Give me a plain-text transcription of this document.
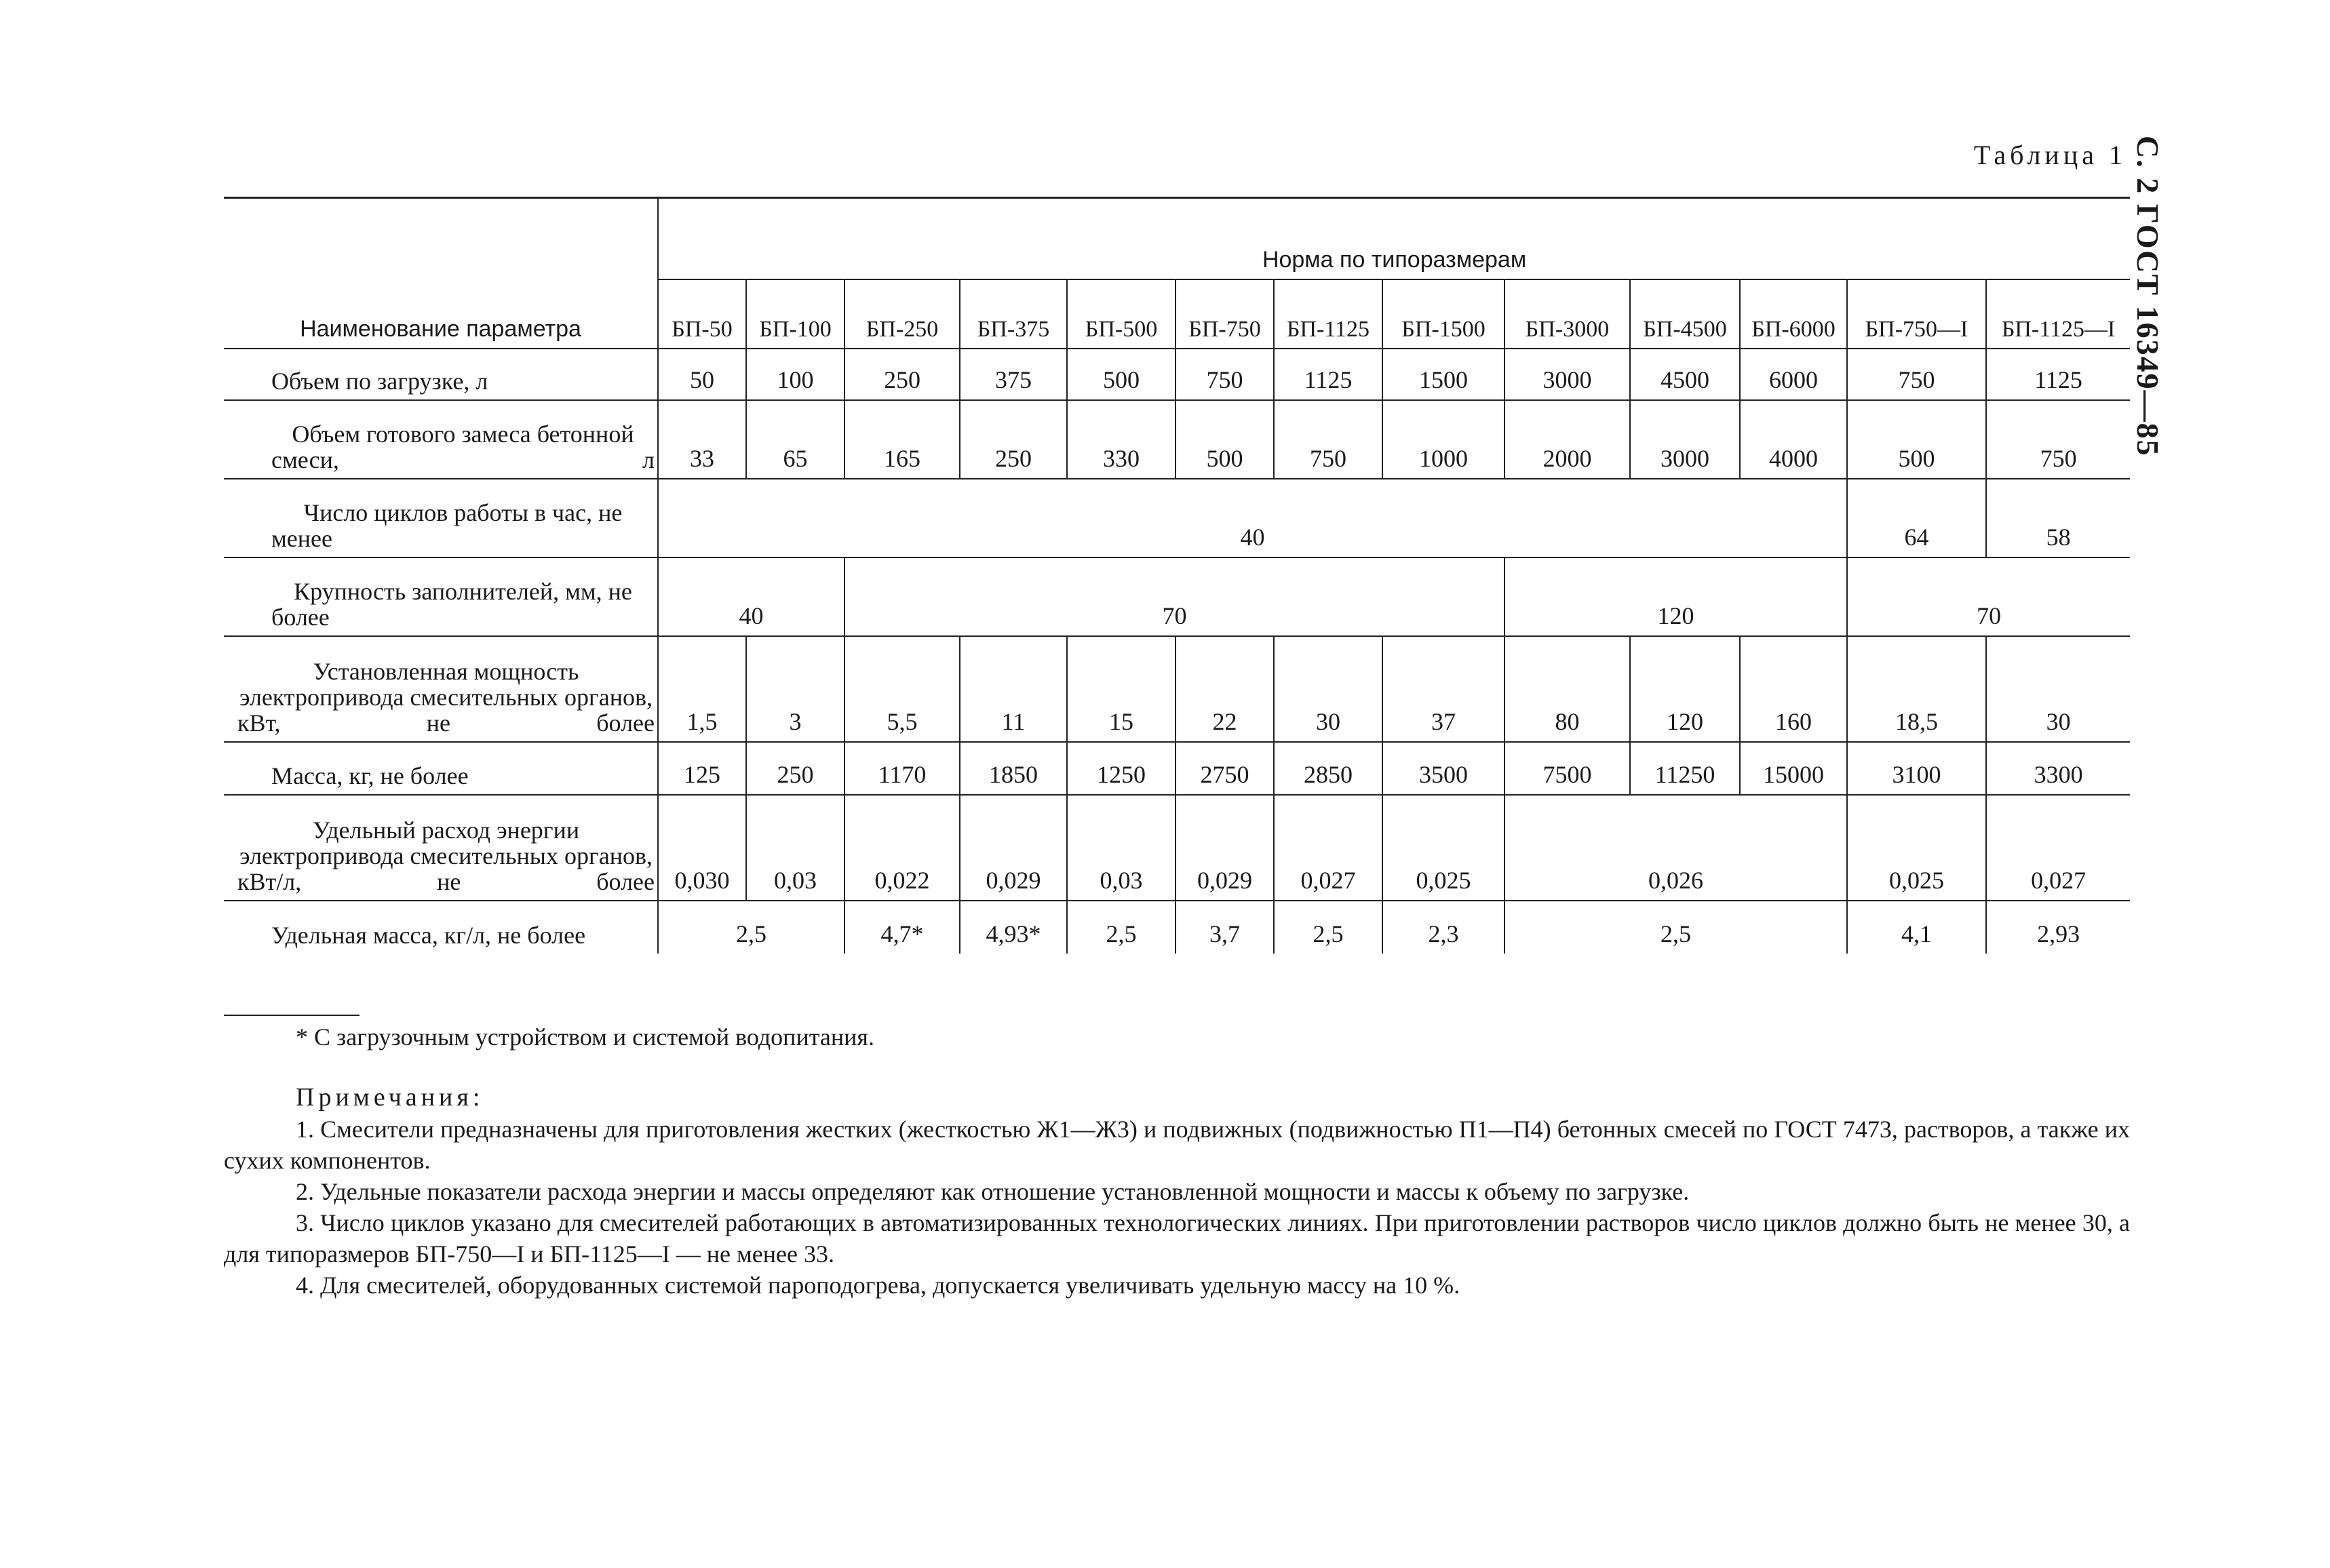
С. 2 ГОСТ 16349—85
Таблица 1
Наименование параметра	Норма по типоразмерам												
	БП-50	БП-100	БП-250	БП-375	БП-500	БП-750	БП-1125	БП-1500	БП-3000	БП-4500	БП-6000	БП-750—I	БП-1125—I
Объем по загрузке, л	50	100	250	375	500	750	1125	1500	3000	4500	6000	750	1125
Объем готового замеса бетонной смеси, л	33	65	165	250	330	500	750	1000	2000	3000	4000	500	750
Число циклов работы в час, не менее	40											64	58
Крупность заполнителей, мм, не более	40		70						120			70	
Установленная мощность электропривода смесительных органов, кВт, не более	1,5	3	5,5	11	15	22	30	37	80	120	160	18,5	30
Масса, кг, не более	125	250	1170	1850	1250	2750	2850	3500	7500	11250	15000	3100	3300
Удельный расход энергии электропривода смесительных органов, кВт/л, не более	0,030	0,03	0,022	0,029	0,03	0,029	0,027	0,025	0,026			0,025	0,027
Удельная масса, кг/л, не более	2,5		4,7*	4,93*	2,5	3,7	2,5	2,3	2,5			4,1	2,93
* С загрузочным устройством и системой водопитания.
Примечания:

1. Смесители предназначены для приготовления жестких (жесткостью Ж1—Ж3) и подвижных (подвижностью П1—П4) бетонных смесей по ГОСТ 7473, растворов, а также их сухих компонентов.

2. Удельные показатели расхода энергии и массы определяют как отношение установленной мощности и массы к объему по загрузке.

3. Число циклов указано для смесителей работающих в автоматизированных технологических линиях. При приготовлении растворов число циклов должно быть не менее 30, а для типоразмеров БП-750—I и БП-1125—I — не менее 33.

4. Для смесителей, оборудованных системой пароподогрева, допускается увеличивать удельную массу на 10 %.
